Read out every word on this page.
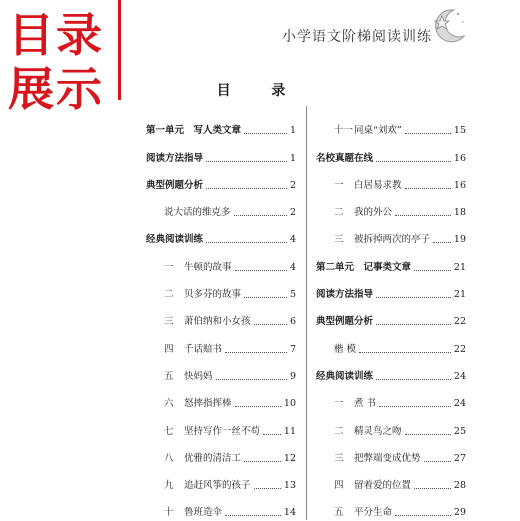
目录
展示
小学语文阶梯阅读训练
目 录
第一单元　写人类文章	1
阅读方法指导	1
典型例题分析	2
说大话的维克多	2
经典阅读训练	4
一 牛顿的故事	4
二 贝多芬的故事	5
三 萧伯纳和小女孩	6
四 千话赔书	7
五 快妈妈	9
六 怒摔指挥棒	10
七 坚持写作一丝不苟	11
八 优雅的清洁工	12
九 追赶风筝的孩子	13
十 鲁班造伞	14
十一同桌“刘欢”	15
名校真题在线	16
一 白居易求教	16
二 我的外公	18
三 被拆掉两次的亭子	19
第二单元　记事类文章	21
阅读方法指导	21
典型例题分析	22
楷 模	22
经典阅读训练	24
一 煮 书	24
二 精灵鸟之吻	25
三 把弊端变成优势	27
四 留着爱的位置	28
五 平分生命	29
